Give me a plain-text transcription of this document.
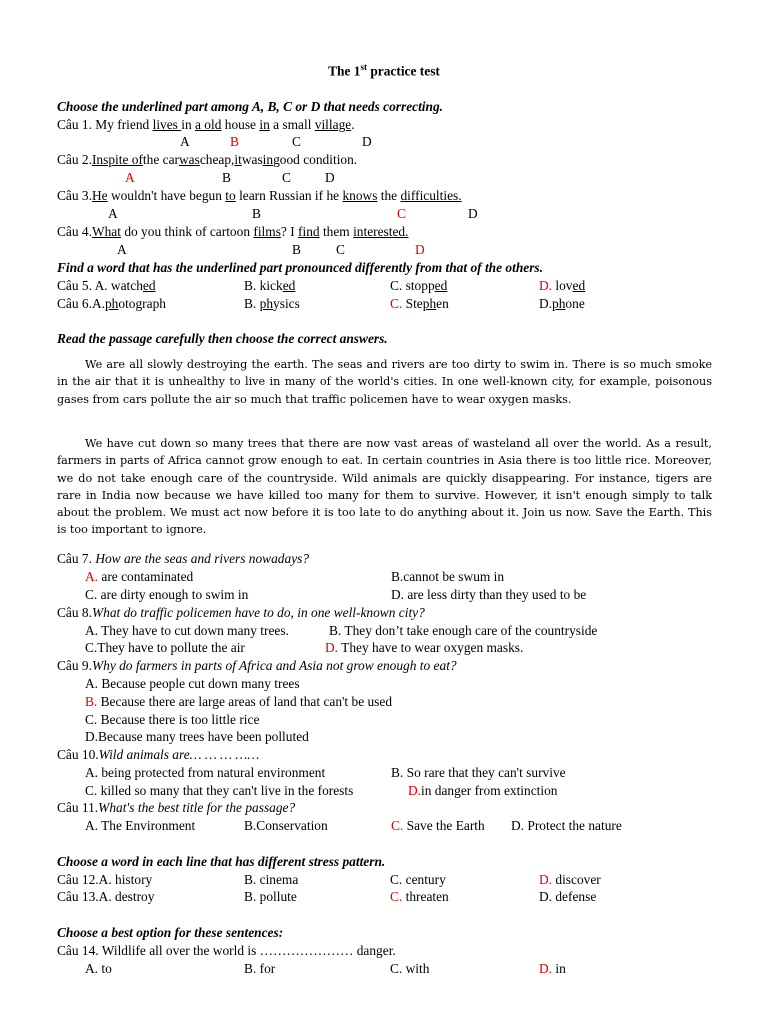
The 1st practice test
Choose the underlined part among A, B, C or D that needs correcting.
Câu 1. My friend lives in a old house in a small village.
A	B	C	D
Câu 2.Inspite ofthe carwascheap,itwasingood condition.
A	B	C	D
Câu 3.He wouldn't have begun to learn Russian if he knows the difficulties.
A	B	C	D
Câu 4.What do you think of cartoon films? I find them interested.
A	B	C	D
Find a word that has the underlined part pronounced differently from that of the others.
Câu 5. A. watched	B. kicked	C. stopped	D. loved
Câu 6.A.photograph	B. physics	C. Stephen	D.phone
Read the passage carefully then choose the correct answers.
We are all slowly destroying the earth. The seas and rivers are too dirty to swim in. There is so much smoke in the air that it is unhealthy to live in many of the world's cities. In one well-known city, for example, poisonous gases from cars pollute the air so much that traffic policemen have to wear oxygen masks.
We have cut down so many trees that there are now vast areas of wasteland all over the world. As a result, farmers in parts of Africa cannot grow enough to eat. In certain countries in Asia there is too little rice. Moreover, we do not take enough care of the countryside. Wild animals are quickly disappearing. For instance, tigers are rare in India now because we have killed too many for them to survive. However, it isn't enough simply to talk about the problem. We must act now before it is too late to do anything about it. Join us now. Save the Earth. This is too important to ignore.
Câu 7. How are the seas and rivers nowadays?
A. are contaminated	B.cannot be swum in
C. are dirty enough to swim in	D. are less dirty than they used to be
Câu 8.What do traffic policemen have to do, in one well-known city?
A. They have to cut down many trees.	B. They don’t take enough care of the countryside
C.They have to pollute the air	D. They have to wear oxygen masks.
Câu 9.Why do farmers in parts of Africa and Asia not grow enough to eat?
A. Because people cut down many trees
B. Because there are large areas of land that can't be used
C. Because there is too little rice
D.Because many trees have been polluted
Câu 10.Wild animals are… … … ……
A. being protected from natural environment	B. So rare that they can't survive
C. killed so many that they can't live in the forests	D.in danger from extinction
Câu 11.What's the best title for the passage?
A. The Environment	B.Conservation	C. Save the Earth D. Protect the nature
Choose a word in each line that has different stress pattern.
Câu 12.A. history	B. cinema	C. century	D. discover
Câu 13.A. destroy	B. pollute	C. threaten	D. defense
Choose a best option for these sentences:
Câu 14. Wildlife all over the world is ………………… danger.
A. to	B. for	C. with	D. in
